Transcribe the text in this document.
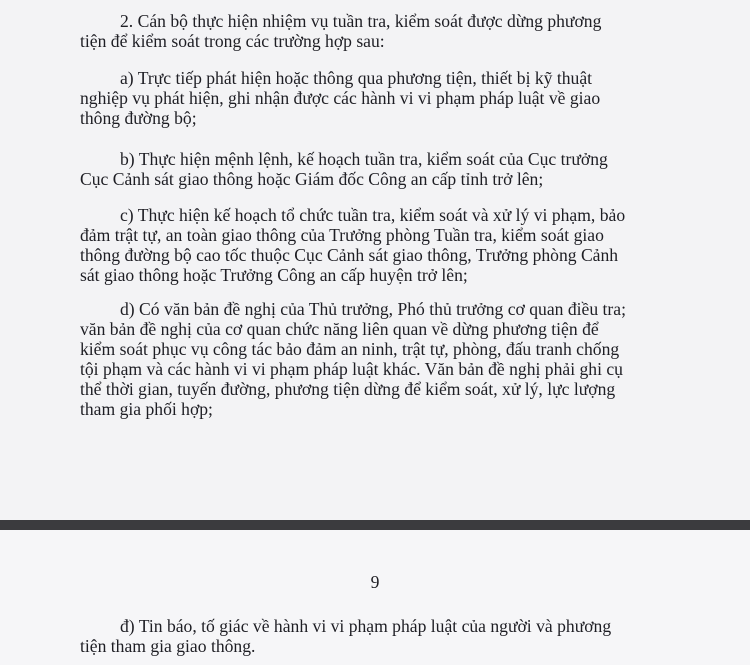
2. Cán bộ thực hiện nhiệm vụ tuần tra, kiểm soát được dừng phương
tiện để kiểm soát trong các trường hợp sau:
a) Trực tiếp phát hiện hoặc thông qua phương tiện, thiết bị kỹ thuật
nghiệp vụ phát hiện, ghi nhận được các hành vi vi phạm pháp luật về giao
thông đường bộ;
b) Thực hiện mệnh lệnh, kế hoạch tuần tra, kiểm soát của Cục trưởng
Cục Cảnh sát giao thông hoặc Giám đốc Công an cấp tỉnh trở lên;
c) Thực hiện kế hoạch tổ chức tuần tra, kiểm soát và xử lý vi phạm, bảo
đảm trật tự, an toàn giao thông của Trưởng phòng Tuần tra, kiểm soát giao
thông đường bộ cao tốc thuộc Cục Cảnh sát giao thông, Trưởng phòng Cảnh
sát giao thông hoặc Trưởng Công an cấp huyện trở lên;
d) Có văn bản đề nghị của Thủ trưởng, Phó thủ trưởng cơ quan điều tra;
văn bản đề nghị của cơ quan chức năng liên quan về dừng phương tiện để
kiểm soát phục vụ công tác bảo đảm an ninh, trật tự, phòng, đấu tranh chống
tội phạm và các hành vi vi phạm pháp luật khác. Văn bản đề nghị phải ghi cụ
thể thời gian, tuyến đường, phương tiện dừng để kiểm soát, xử lý, lực lượng
tham gia phối hợp;
9
đ) Tin báo, tố giác về hành vi vi phạm pháp luật của người và phương
tiện tham gia giao thông.
